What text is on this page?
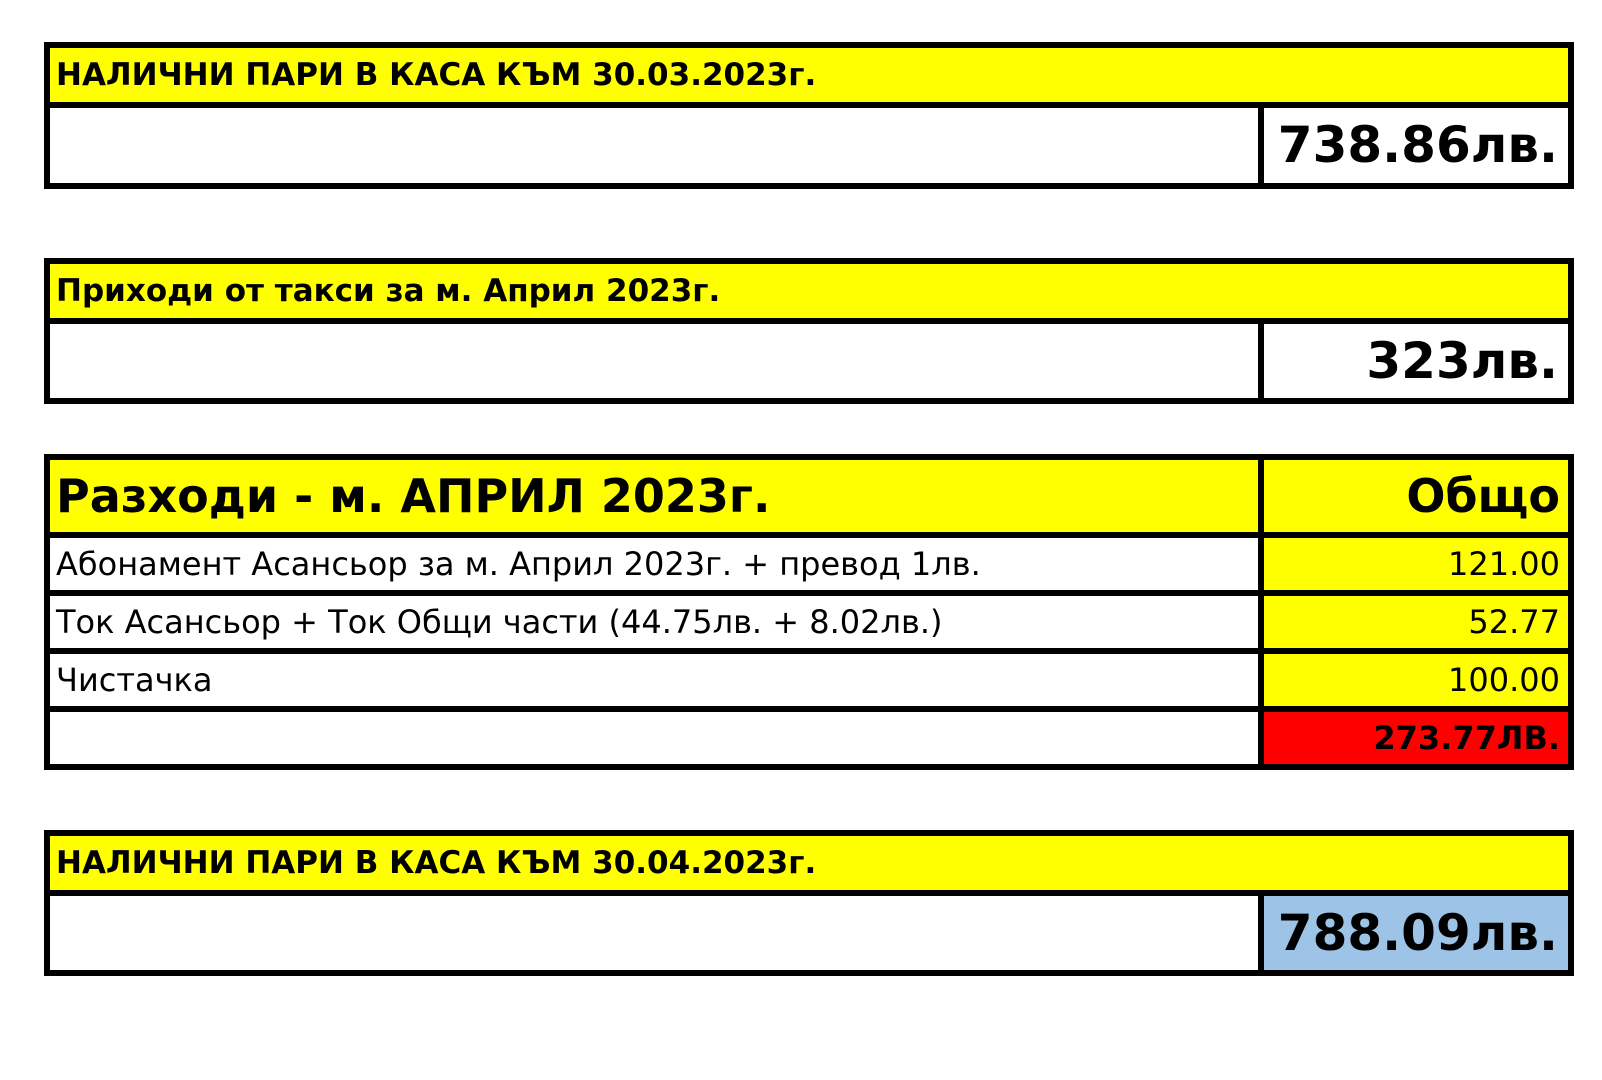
НАЛИЧНИ ПАРИ В КАСА КЪМ 30.03.2023г.
738.86лв.
Приходи от такси за м. Април 2023г.
323лв.
Разходи - м. АПРИЛ 2023г.	Общо
Абонамент Асансьор за м. Април 2023г. + превод 1лв.	121.00
Ток Асансьор + Ток Общи части (44.75лв. + 8.02лв.)	52.77
Чистачка	100.00
273.77ЛВ.
НАЛИЧНИ ПАРИ В КАСА КЪМ 30.04.2023г.
788.09лв.
